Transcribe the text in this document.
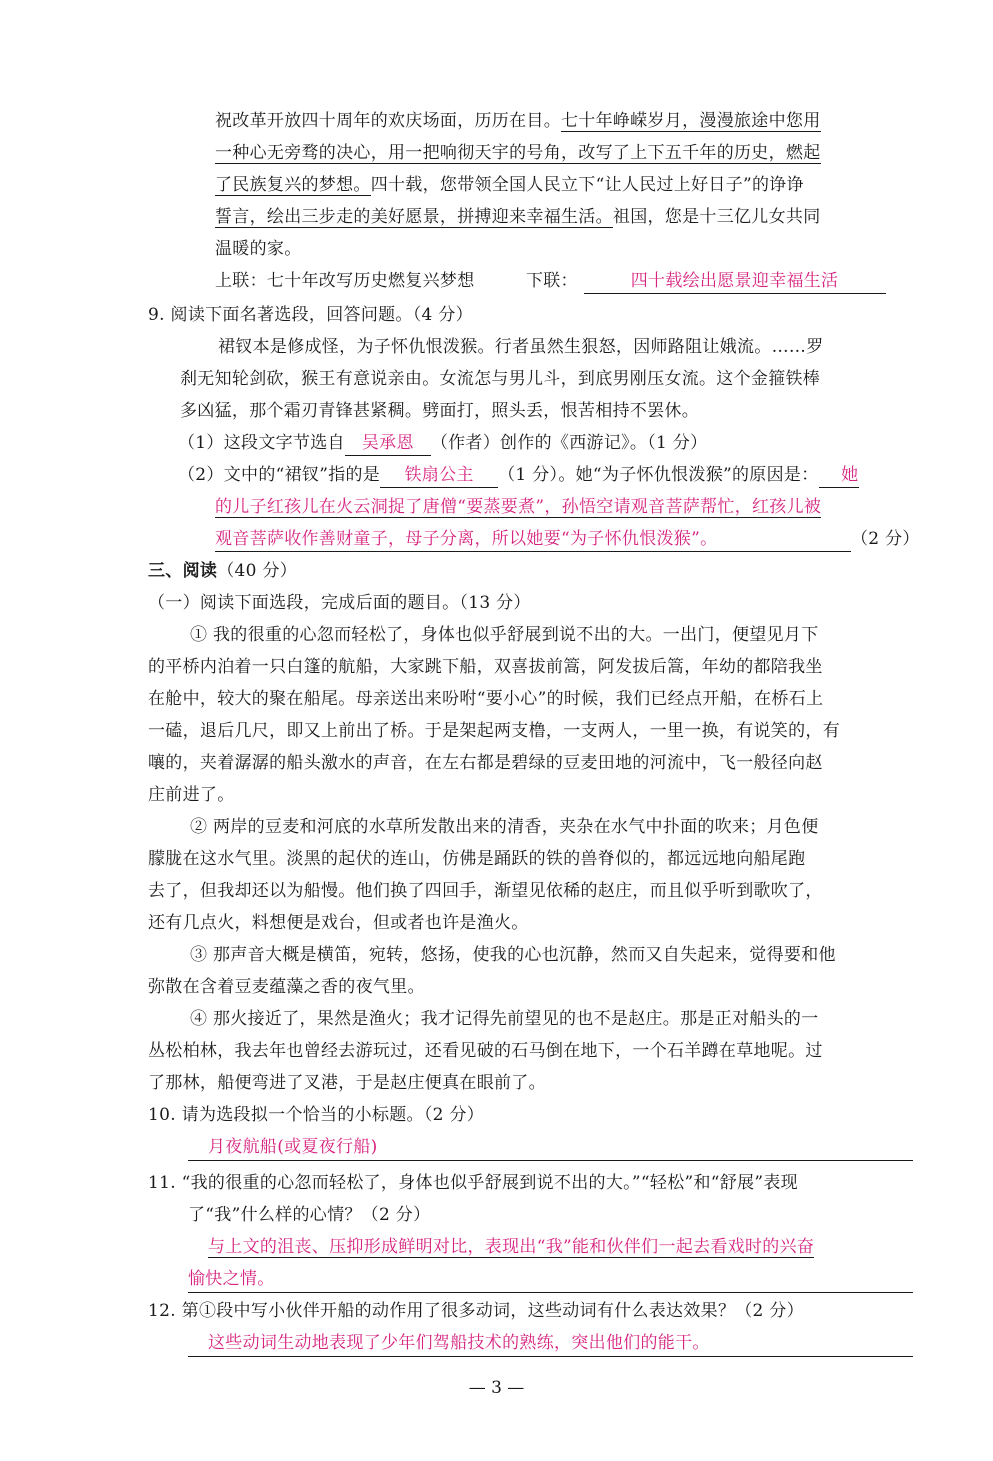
祝改革开放四十周年的欢庆场面，历历在目。七十年峥嵘岁月，漫漫旅途中您用
一种心无旁骛的决心，用一把响彻天宇的号角，改写了上下五千年的历史，燃起
了民族复兴的梦想。四十载，您带领全国人民立下“让人民过上好日子”的诤诤
誓言，绘出三步走的美好愿景，拼搏迎来幸福生活。祖国，您是十三亿儿女共同
温暖的家。
上联：七十年改写历史燃复兴梦想	下联：	四十载绘出愿景迎幸福生活
9. 阅读下面名著选段，回答问题。（4 分）
裙钗本是修成怪，为子怀仇恨泼猴。行者虽然生狠怒，因师路阻让娥流。……罗
刹无知轮剑砍，猴王有意说亲由。女流怎与男儿斗，到底男刚压女流。这个金箍铁棒
多凶猛，那个霜刃青锋甚紧稠。劈面打，照头丢，恨苦相持不罢休。
（1）这段文字节选自 吴承恩 （作者）创作的《西游记》。（1 分）
（2）文中的“裙钗”指的是 铁扇公主 （1 分）。她“为子怀仇恨泼猴”的原因是： 她
的儿子红孩儿在火云洞捉了唐僧“要蒸要煮”，孙悟空请观音菩萨帮忙，红孩儿被
观音菩萨收作善财童子，母子分离，所以她要“为子怀仇恨泼猴”。	（2 分）
三、阅读（40 分）
（一）阅读下面选段，完成后面的题目。（13 分）
① 我的很重的心忽而轻松了，身体也似乎舒展到说不出的大。一出门，便望见月下
的平桥内泊着一只白篷的航船，大家跳下船，双喜拔前篙，阿发拔后篙，年幼的都陪我坐
在舱中，较大的聚在船尾。母亲送出来吩咐“要小心”的时候，我们已经点开船，在桥石上
一磕，退后几尺，即又上前出了桥。于是架起两支橹，一支两人，一里一换，有说笑的，有
嚷的，夹着潺潺的船头激水的声音，在左右都是碧绿的豆麦田地的河流中，飞一般径向赵
庄前进了。
② 两岸的豆麦和河底的水草所发散出来的清香，夹杂在水气中扑面的吹来；月色便
朦胧在这水气里。淡黑的起伏的连山，仿佛是踊跃的铁的兽脊似的，都远远地向船尾跑
去了，但我却还以为船慢。他们换了四回手，渐望见依稀的赵庄，而且似乎听到歌吹了，
还有几点火，料想便是戏台，但或者也许是渔火。
③ 那声音大概是横笛，宛转，悠扬，使我的心也沉静，然而又自失起来，觉得要和他
弥散在含着豆麦蕴藻之香的夜气里。
④ 那火接近了，果然是渔火；我才记得先前望见的也不是赵庄。那是正对船头的一
丛松柏林，我去年也曾经去游玩过，还看见破的石马倒在地下，一个石羊蹲在草地呢。过
了那林，船便弯进了叉港，于是赵庄便真在眼前了。
10. 请为选段拟一个恰当的小标题。（2 分）
月夜航船(或夏夜行船)
11. “我的很重的心忽而轻松了，身体也似乎舒展到说不出的大。”“轻松”和“舒展”表现
了“我”什么样的心情？（2 分）
与上文的沮丧、压抑形成鲜明对比，表现出“我”能和伙伴们一起去看戏时的兴奋
愉快之情。
12. 第①段中写小伙伴开船的动作用了很多动词，这些动词有什么表达效果？（2 分）
这些动词生动地表现了少年们驾船技术的熟练，突出他们的能干。
— 3 —
